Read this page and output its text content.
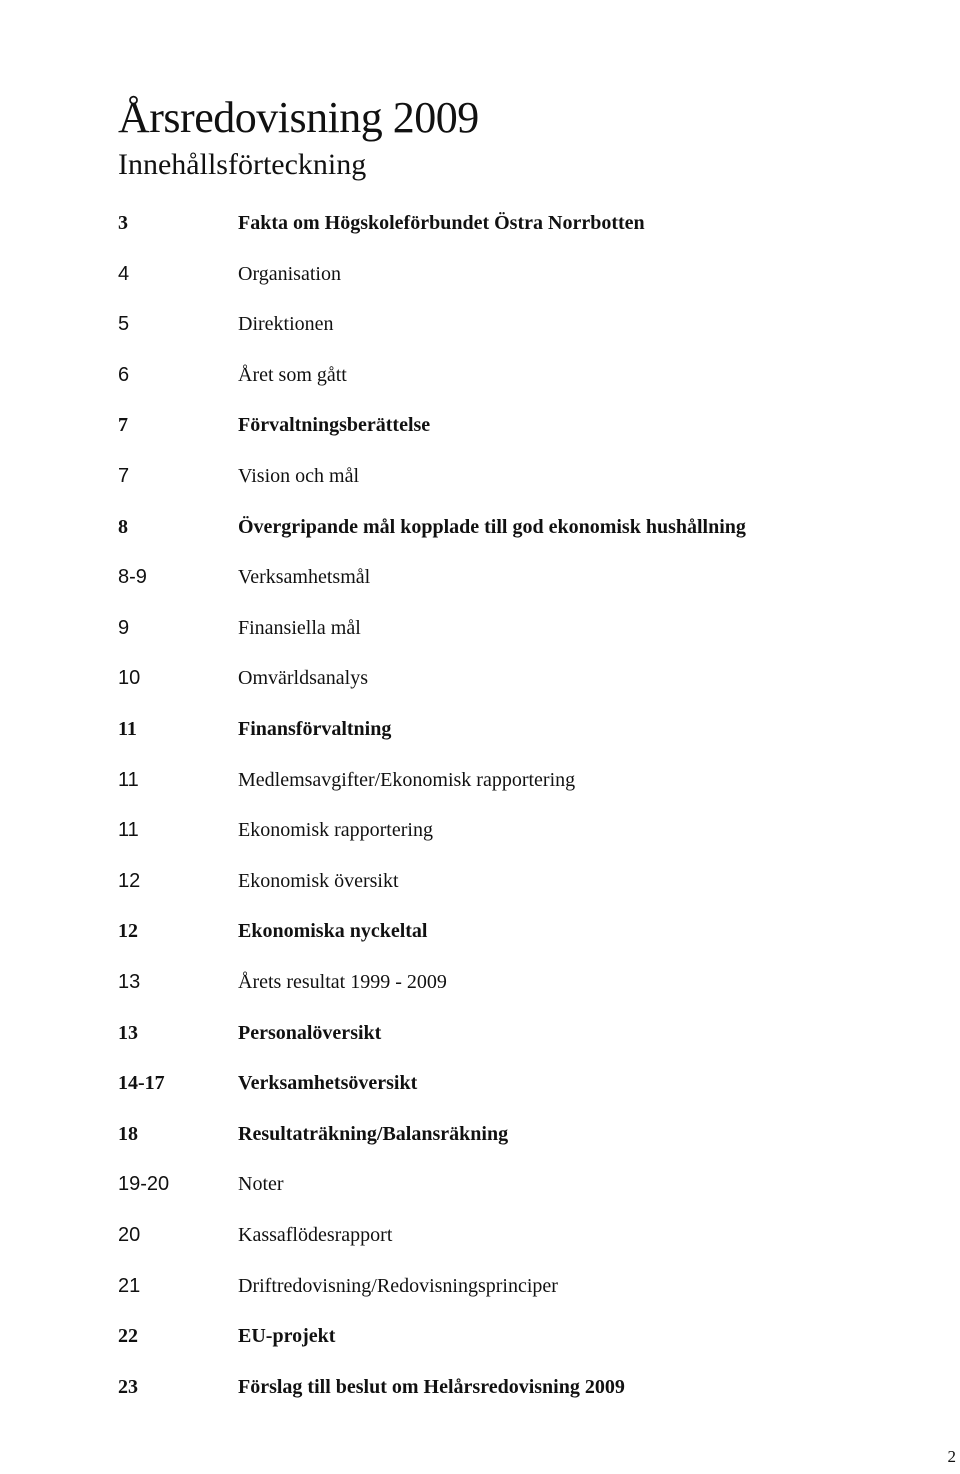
Årsredovisning 2009
Innehållsförteckning
3	Fakta om Högskoleförbundet Östra Norrbotten
4	Organisation
5	Direktionen
6	Året som gått
7	Förvaltningsberättelse
7	Vision och mål
8	Övergripande mål kopplade till god ekonomisk hushållning
8-9	Verksamhetsmål
9	Finansiella mål
10	Omvärldsanalys
11	Finansförvaltning
11	Medlemsavgifter/Ekonomisk rapportering
11	Ekonomisk rapportering
12	Ekonomisk översikt
12	Ekonomiska nyckeltal
13	Årets resultat 1999 - 2009
13	Personalöversikt
14-17	Verksamhetsöversikt
18	Resultaträkning/Balansräkning
19-20	Noter
20	Kassaflödesrapport
21	Driftredovisning/Redovisningsprinciper
22	EU-projekt
23	Förslag till beslut om Helårsredovisning 2009
2
